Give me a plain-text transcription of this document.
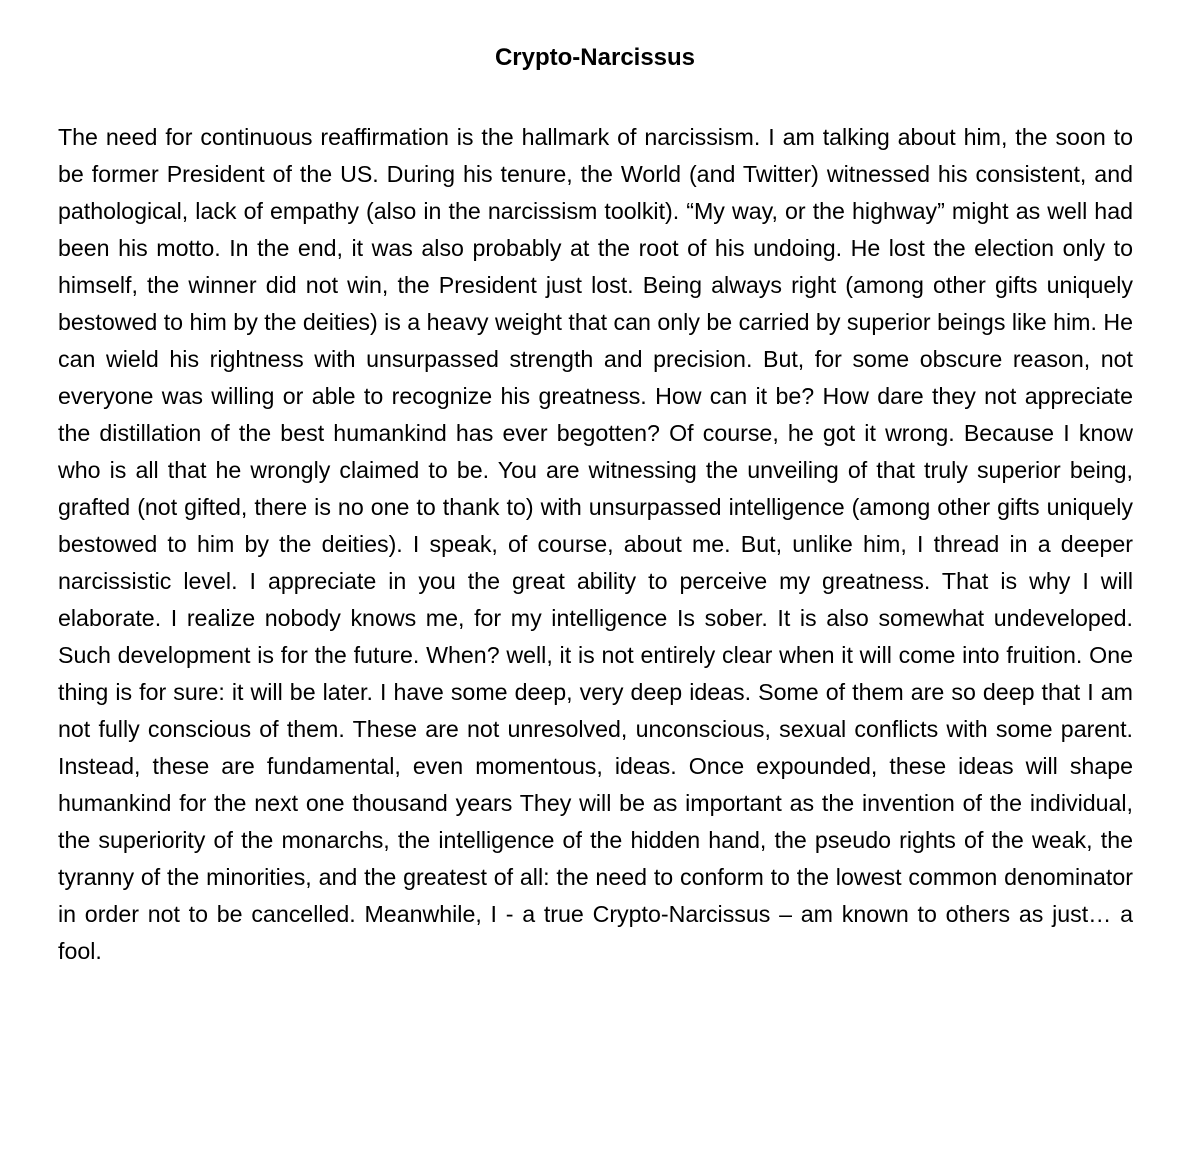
Crypto-Narcissus

The need for continuous reaffirmation is the hallmark of narcissism. I am talking about him, the soon to be former President of the US. During his tenure, the World (and Twitter) witnessed his consistent, and pathological, lack of empathy (also in the narcissism toolkit). “My way, or the highway” might as well had been his motto. In the end, it was also probably at the root of his undoing. He lost the election only to himself, the winner did not win, the President just lost. Being always right (among other gifts uniquely bestowed to him by the deities) is a heavy weight that can only be carried by superior beings like him. He can wield his rightness with unsurpassed strength and precision. But, for some obscure reason, not everyone was willing or able to recognize his greatness. How can it be? How dare they not appreciate the distillation of the best humankind has ever begotten? Of course, he got it wrong. Because I know who is all that he wrongly claimed to be. You are witnessing the unveiling of that truly superior being, grafted (not gifted, there is no one to thank to) with unsurpassed intelligence (among other gifts uniquely bestowed to him by the deities). I speak, of course, about me. But, unlike him, I thread in a deeper narcissistic level. I appreciate in you the great ability to perceive my greatness. That is why I will elaborate. I realize nobody knows me, for my intelligence Is sober. It is also somewhat undeveloped. Such development is for the future. When? well, it is not entirely clear when it will come into fruition. One thing is for sure: it will be later. I have some deep, very deep ideas. Some of them are so deep that I am not fully conscious of them. These are not unresolved, unconscious, sexual conflicts with some parent. Instead, these are fundamental, even momentous, ideas. Once expounded, these ideas will shape humankind for the next one thousand years They will be as important as the invention of the individual, the superiority of the monarchs, the intelligence of the hidden hand, the pseudo rights of the weak, the tyranny of the minorities, and the greatest of all: the need to conform to the lowest common denominator in order not to be cancelled. Meanwhile, I - a true Crypto-Narcissus – am known to others as just… a fool.
